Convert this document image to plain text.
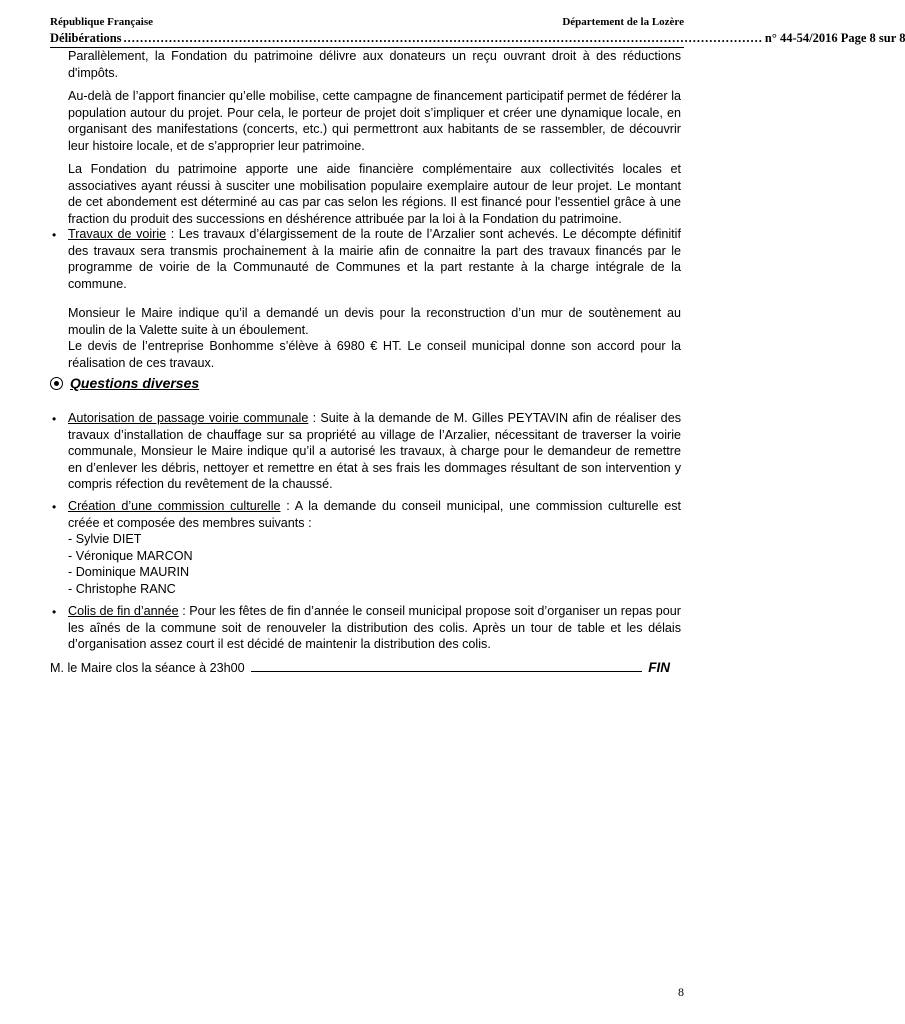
République Française	Département de la Lozère
Délibérations ........................................................................................................................................................... n° 44-54/2016 Page 8 sur 8

Parallèlement, la Fondation du patrimoine délivre aux donateurs un reçu ouvrant droit à des réductions d'impôts.

Au-delà de l’apport financier qu’elle mobilise, cette campagne de financement participatif permet de fédérer la population autour du projet. Pour cela, le porteur de projet doit s’impliquer et créer une dynamique locale, en organisant des manifestations (concerts, etc.) qui permettront aux habitants de se rassembler, de découvrir leur histoire locale, et de s’approprier leur patrimoine.

La Fondation du patrimoine apporte une aide financière complémentaire aux collectivités locales et associatives ayant réussi à susciter une mobilisation populaire exemplaire autour de leur projet. Le montant de cet abondement est déterminé au cas par cas selon les régions. Il est financé pour l'essentiel grâce à une fraction du produit des successions en déshérence attribuée par la loi à la Fondation du patrimoine.

• Travaux de voirie : Les travaux d’élargissement de la route de l’Arzalier sont achevés. Le décompte définitif des travaux sera transmis prochainement à la mairie afin de connaitre la part des travaux financés par le programme de voirie de la Communauté de Communes et la part restante à la charge intégrale de la commune.

Monsieur le Maire indique qu’il a demandé un devis pour la reconstruction d’un mur de soutènement au moulin de la Valette suite à un éboulement.

Le devis de l’entreprise Bonhomme s’élève à 6980 € HT. Le conseil municipal donne son accord pour la réalisation de ces travaux.

• Autorisation de passage voirie communale : Suite à la demande de M. Gilles PEYTAVIN afin de réaliser des travaux d’installation de chauffage sur sa propriété au village de l’Arzalier, nécessitant de traverser la voirie communale, Monsieur le Maire indique qu’il a autorisé les travaux, à charge pour le demandeur de remettre en d’enlever les débris, nettoyer et remettre en état à ses frais les dommages résultant de son intervention y compris réfection du revêtement de la chaussé.

• Création d’une commission culturelle : A la demande du conseil municipal, une commission culturelle est créée et composée des membres suivants :

- Sylvie DIET
- Véronique MARCON
- Dominique MAURIN
- Christophe RANC
• Colis de fin d’année : Pour les fêtes de fin d’année le conseil municipal propose soit d’organiser un repas pour les aînés de la commune soit de renouveler la distribution des colis. Après un tour de table et les délais d’organisation assez court il est décidé de maintenir la distribution des colis.

Questions diverses
M. le Maire clos la séance à 23h00	FIN
8
